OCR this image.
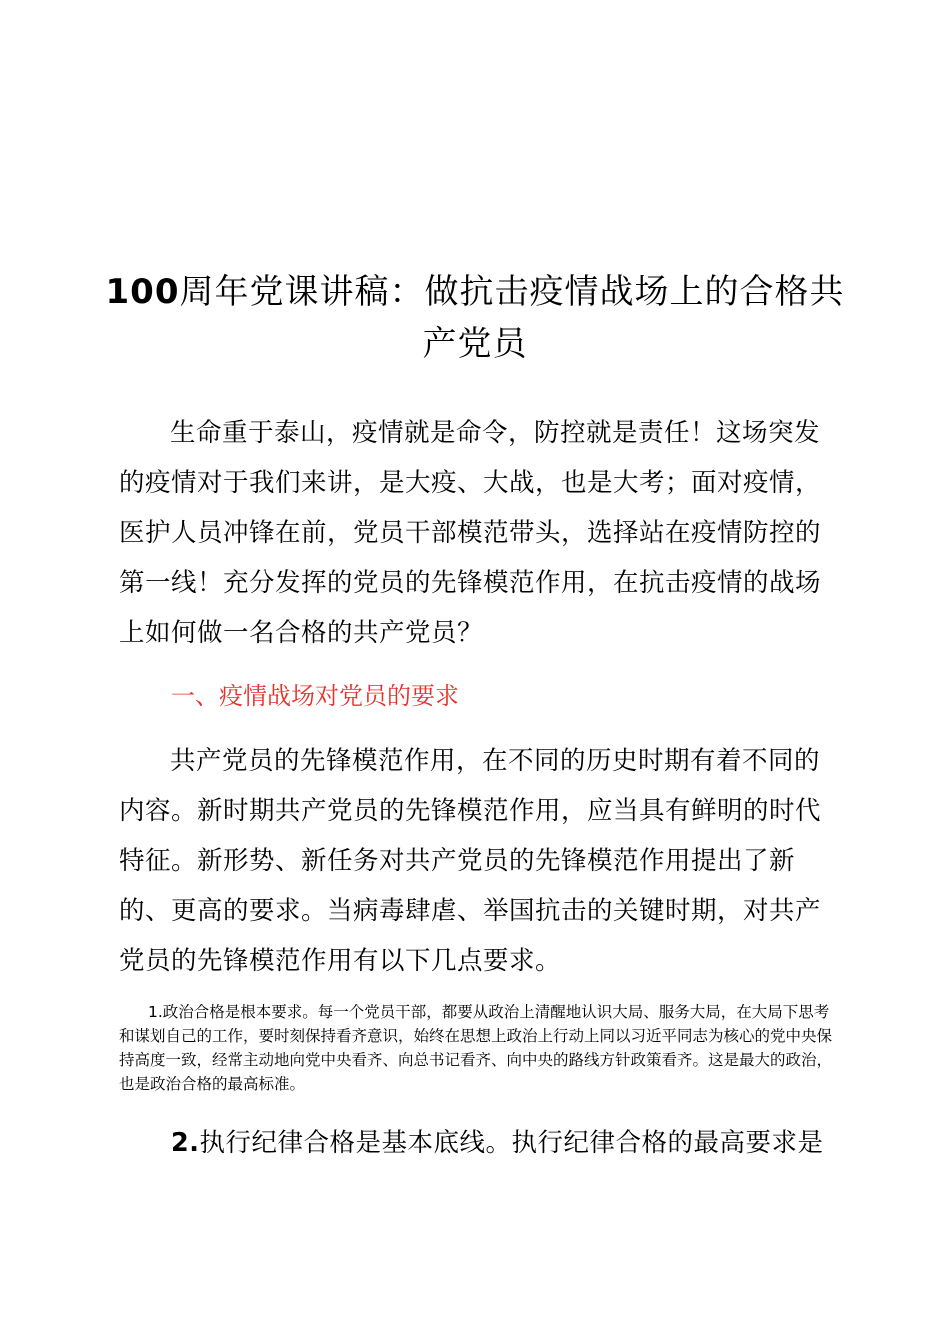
100周年党课讲稿：做抗击疫情战场上的合格共产党员

生命重于泰山，疫情就是命令，防控就是责任！这场突发的疫情对于我们来讲，是大疫、大战，也是大考；面对疫情，医护人员冲锋在前，党员干部模范带头，选择站在疫情防控的第一线！充分发挥的党员的先锋模范作用，在抗击疫情的战场上如何做一名合格的共产党员？

一、疫情战场对党员的要求

共产党员的先锋模范作用，在不同的历史时期有着不同的内容。新时期共产党员的先锋模范作用，应当具有鲜明的时代特征。新形势、新任务对共产党员的先锋模范作用提出了新的、更高的要求。当病毒肆虐、举国抗击的关键时期，对共产党员的先锋模范作用有以下几点要求。

1.政治合格是根本要求。每一个党员干部，都要从政治上清醒地认识大局、服务大局，在大局下思考和谋划自己的工作，要时刻保持看齐意识，始终在思想上政治上行动上同以习近平同志为核心的党中央保持高度一致，经常主动地向党中央看齐、向总书记看齐、向中央的路线方针政策看齐。这是最大的政治，也是政治合格的最高标准。

2.执行纪律合格是基本底线。执行纪律合格的最高要求是
